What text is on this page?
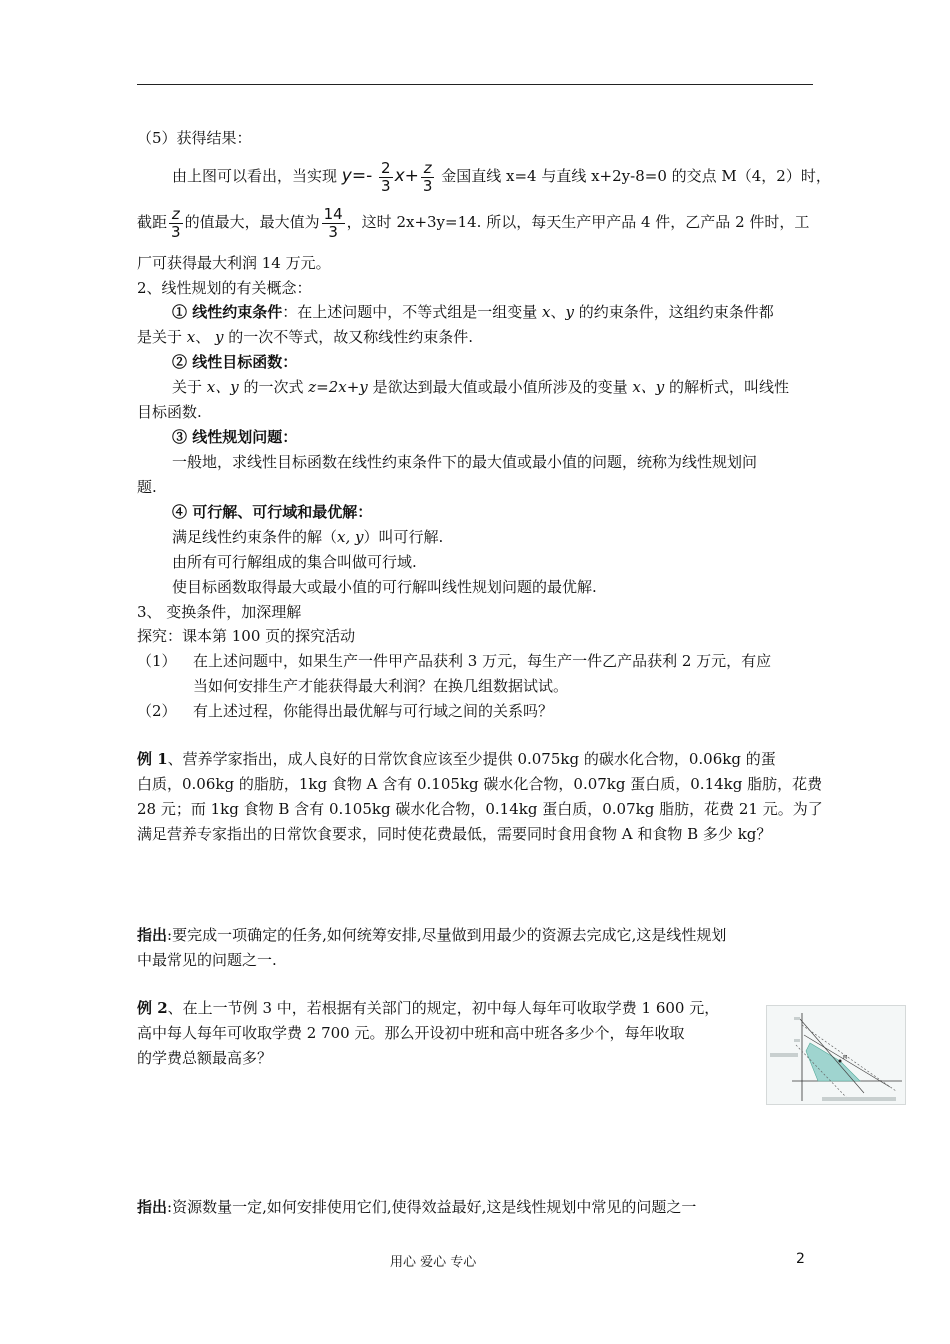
（5）获得结果：
由上图可以看出，当实现 $y=- \frac{2}{3} x+ \frac{z}{3}$ 金国直线 x=4 与直线 x+2y-8=0 的交点 M（4，2）时，
截距 $\frac{z}{3}$ 的值最大，最大值为 $\frac{14}{3}$ ，这时 2x+3y=14. 所以，每天生产甲产品 4 件，乙产品 2 件时，工
厂可获得最大利润 14 万元。
2、线性规划的有关概念：
① 线性约束条件：在上述问题中，不等式组是一组变量 x、y 的约束条件，这组约束条件都
是关于 x、 y 的一次不等式，故又称线性约束条件.
② 线性目标函数：
关于 x、y 的一次式 z=2x+y 是欲达到最大值或最小值所涉及的变量 x、y 的解析式，叫线性
目标函数.
③ 线性规划问题：
一般地，求线性目标函数在线性约束条件下的最大值或最小值的问题，统称为线性规划问
题.
④ 可行解、可行域和最优解：
满足线性约束条件的解（x, y）叫可行解.
由所有可行解组成的集合叫做可行域.
使目标函数取得最大或最小值的可行解叫线性规划问题的最优解.
3、 变换条件，加深理解
探究：课本第 100 页的探究活动
（1） 在上述问题中，如果生产一件甲产品获利 3 万元，每生产一件乙产品获利 2 万元，有应
当如何安排生产才能获得最大利润？在换几组数据试试。
（2） 有上述过程，你能得出最优解与可行域之间的关系吗？
例 1、营养学家指出，成人良好的日常饮食应该至少提供 0.075kg 的碳水化合物，0.06kg 的蛋
白质，0.06kg 的脂肪，1kg 食物 A 含有 0.105kg 碳水化合物，0.07kg 蛋白质，0.14kg 脂肪，花费
28 元；而 1kg 食物 B 含有 0.105kg 碳水化合物，0.14kg 蛋白质，0.07kg 脂肪，花费 21 元。为了
满足营养专家指出的日常饮食要求，同时使花费最低，需要同时食用食物 A 和食物 B 多少 kg？
指出:要完成一项确定的任务,如何统筹安排,尽量做到用最少的资源去完成它,这是线性规划
中最常见的问题之一.
例 2、在上一节例 3 中，若根据有关部门的规定，初中每人每年可收取学费 1 600 元，
高中每人每年可收取学费 2 700 元。那么开设初中班和高中班各多少个，每年收取
的学费总额最高多？	M
指出:资源数量一定,如何安排使用它们,使得效益最好,这是线性规划中常见的问题之一
用心 爱心 专心	2
